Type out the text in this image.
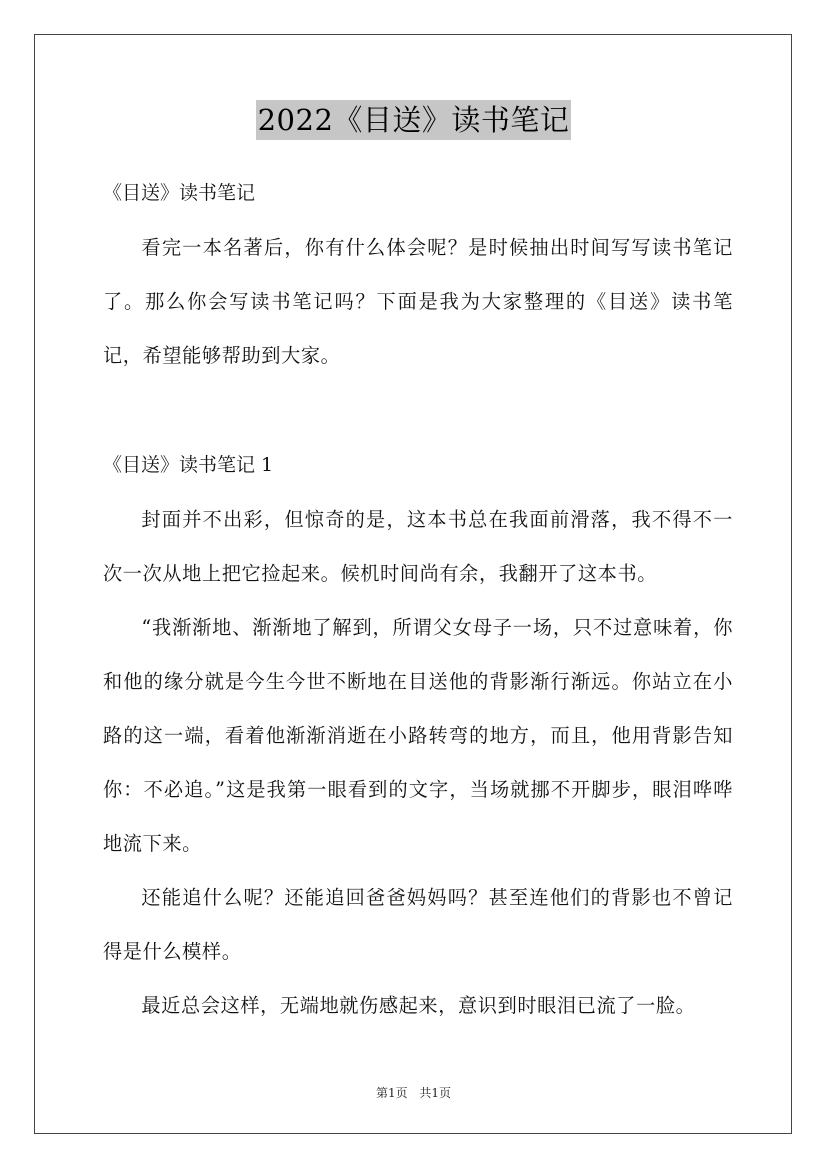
2022《目送》读书笔记

《目送》读书笔记

看完一本名著后，你有什么体会呢？是时候抽出时间写写读书笔记了。那么你会写读书笔记吗？下面是我为大家整理的《目送》读书笔记，希望能够帮助到大家。

《目送》读书笔记 1

封面并不出彩，但惊奇的是，这本书总在我面前滑落，我不得不一次一次从地上把它捡起来。候机时间尚有余，我翻开了这本书。

“我渐渐地、渐渐地了解到，所谓父女母子一场，只不过意味着，你和他的缘分就是今生今世不断地在目送他的背影渐行渐远。你站立在小路的这一端，看着他渐渐消逝在小路转弯的地方，而且，他用背影告知你：不必追。”这是我第一眼看到的文字，当场就挪不开脚步，眼泪哗哗地流下来。

还能追什么呢？还能追回爸爸妈妈吗？甚至连他们的背影也不曾记得是什么模样。

最近总会这样，无端地就伤感起来，意识到时眼泪已流了一脸。

第1页 共1页
